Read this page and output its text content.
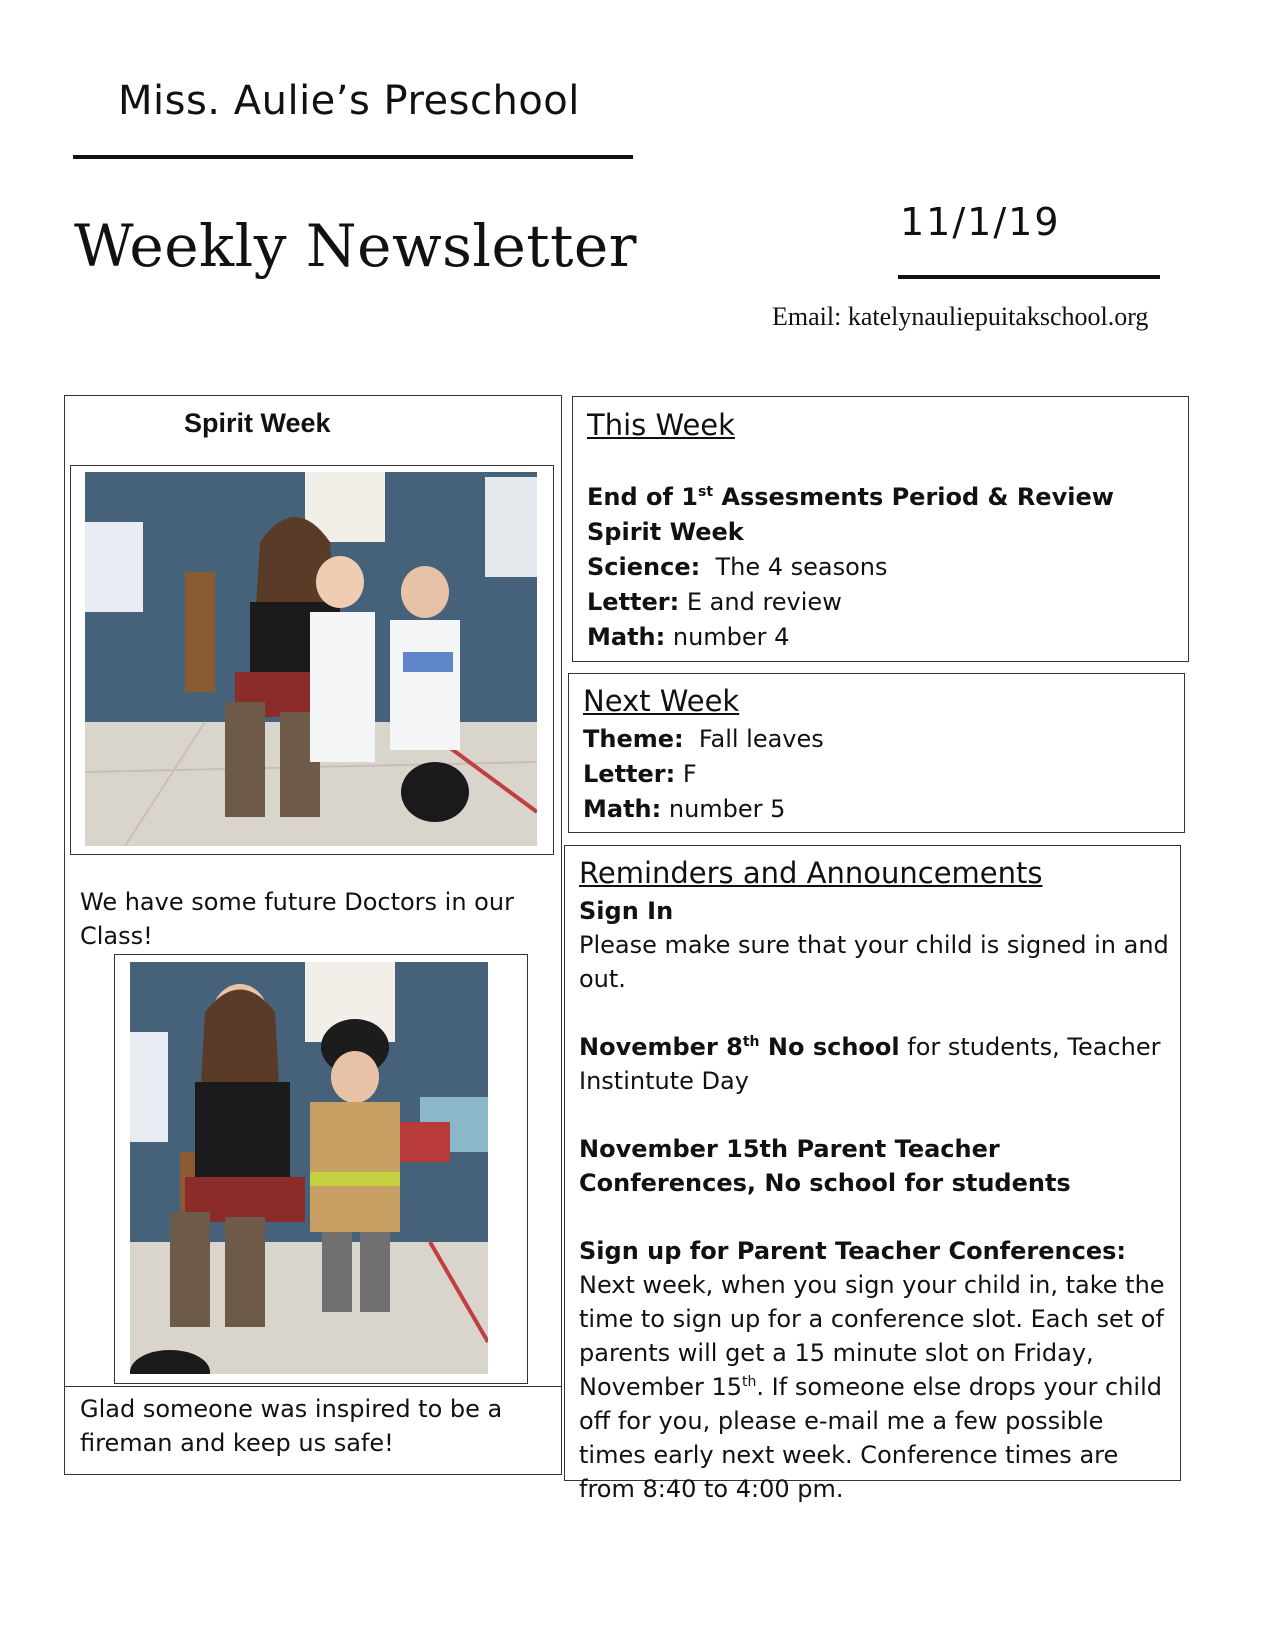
Miss. Aulie’s Preschool
Weekly Newsletter	11/1/19
Email: katelynauliepuitakschool.org
Spirit Week
We have some future Doctors in our Class!
Glad someone was inspired to be a fireman and keep us safe!
This Week
End of 1st Assesments Period & Review
Spirit Week
Science: The 4 seasons
Letter: E and review
Math: number 4
Next Week
Theme: Fall leaves
Letter: F
Math: number 5
Reminders and Announcements

Sign In
Please make sure that your child is signed in and out.

November 8th No school for students, Teacher Instintute Day

November 15th Parent Teacher Conferences, No school for students

Sign up for Parent Teacher Conferences: Next week, when you sign your child in, take the time to sign up for a conference slot. Each set of parents will get a 15 minute slot on Friday, November 15th. If someone else drops your child off for you, please e-mail me a few possible times early next week. Conference times are from 8:40 to 4:00 pm.
